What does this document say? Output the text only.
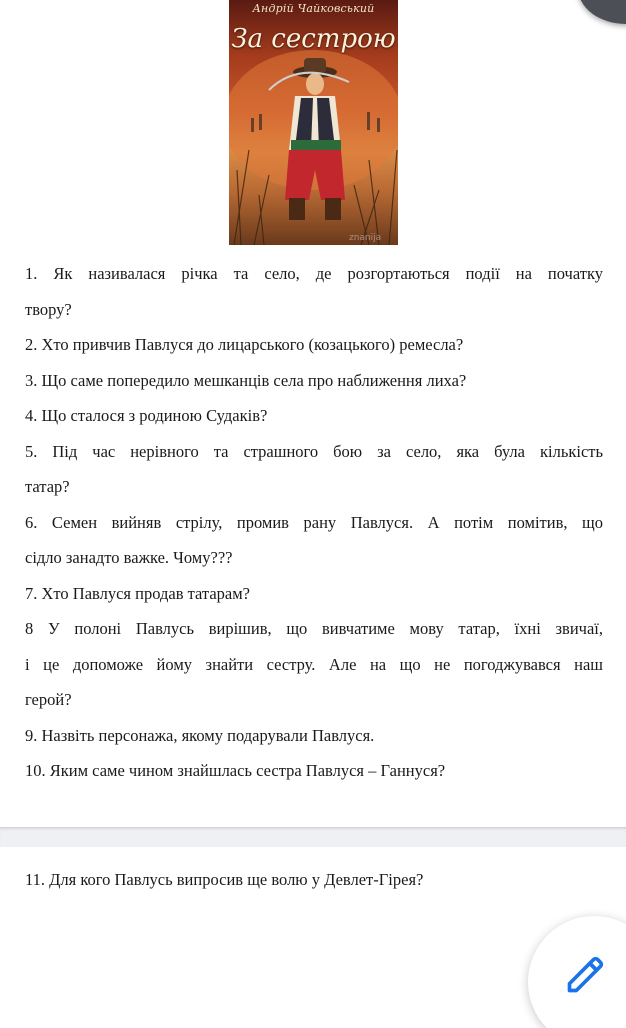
znanija
Андрій Чайковський
За сестрою
1. Як називалася річка та село, де розгортаються події на початку
твору?
2. Хто привчив Павлуся до лицарського (козацького) ремесла?
3. Що саме попередило мешканців села про наближення лиха?
4. Що сталося з родиною Судаків?
5. Під час нерівного та страшного бою за село, яка була кількість
татар?
6. Семен вийняв стрілу, промив рану Павлуся. А потім помітив, що
сідло занадто важке. Чому???
7. Хто Павлуся продав татарам?
8 У полоні Павлусь вирішив, що вивчатиме мову татар, їхні звичаї,
і це допоможе йому знайти сестру. Але на що не погоджувався наш
герой?
9. Назвіть персонажа, якому подарували Павлуся.
10. Яким саме чином знайшлась сестра Павлуся – Ганнуся?
11. Для кого Павлусь випросив ще волю у Девлет-Гірея?
